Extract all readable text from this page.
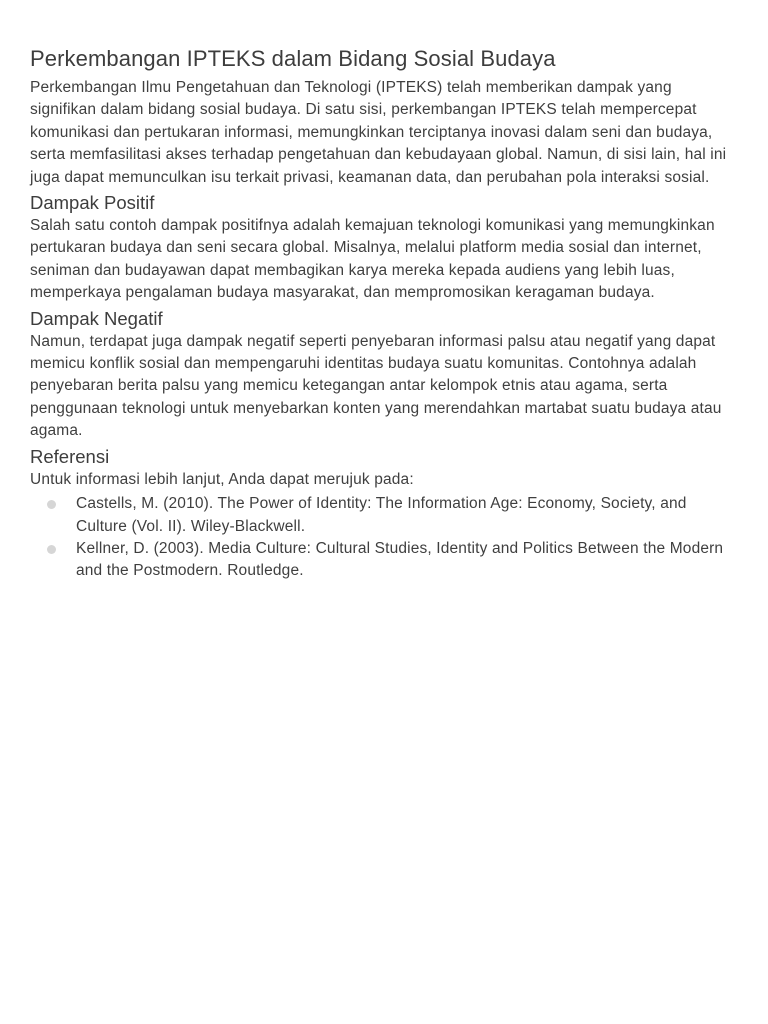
Perkembangan IPTEKS dalam Bidang Sosial Budaya

Perkembangan Ilmu Pengetahuan dan Teknologi (IPTEKS) telah memberikan dampak yang signifikan dalam bidang sosial budaya. Di satu sisi, perkembangan IPTEKS telah mempercepat komunikasi dan pertukaran informasi, memungkinkan terciptanya inovasi dalam seni dan budaya, serta memfasilitasi akses terhadap pengetahuan dan kebudayaan global. Namun, di sisi lain, hal ini juga dapat memunculkan isu terkait privasi, keamanan data, dan perubahan pola interaksi sosial.

Dampak Positif

Salah satu contoh dampak positifnya adalah kemajuan teknologi komunikasi yang memungkinkan pertukaran budaya dan seni secara global. Misalnya, melalui platform media sosial dan internet, seniman dan budayawan dapat membagikan karya mereka kepada audiens yang lebih luas, memperkaya pengalaman budaya masyarakat, dan mempromosikan keragaman budaya.

Dampak Negatif

Namun, terdapat juga dampak negatif seperti penyebaran informasi palsu atau negatif yang dapat memicu konflik sosial dan mempengaruhi identitas budaya suatu komunitas. Contohnya adalah penyebaran berita palsu yang memicu ketegangan antar kelompok etnis atau agama, serta penggunaan teknologi untuk menyebarkan konten yang merendahkan martabat suatu budaya atau agama.

Referensi

Untuk informasi lebih lanjut, Anda dapat merujuk pada:

Castells, M. (2010). The Power of Identity: The Information Age: Economy, Society, and Culture (Vol. II). Wiley-Blackwell.
Kellner, D. (2003). Media Culture: Cultural Studies, Identity and Politics Between the Modern and the Postmodern. Routledge.
